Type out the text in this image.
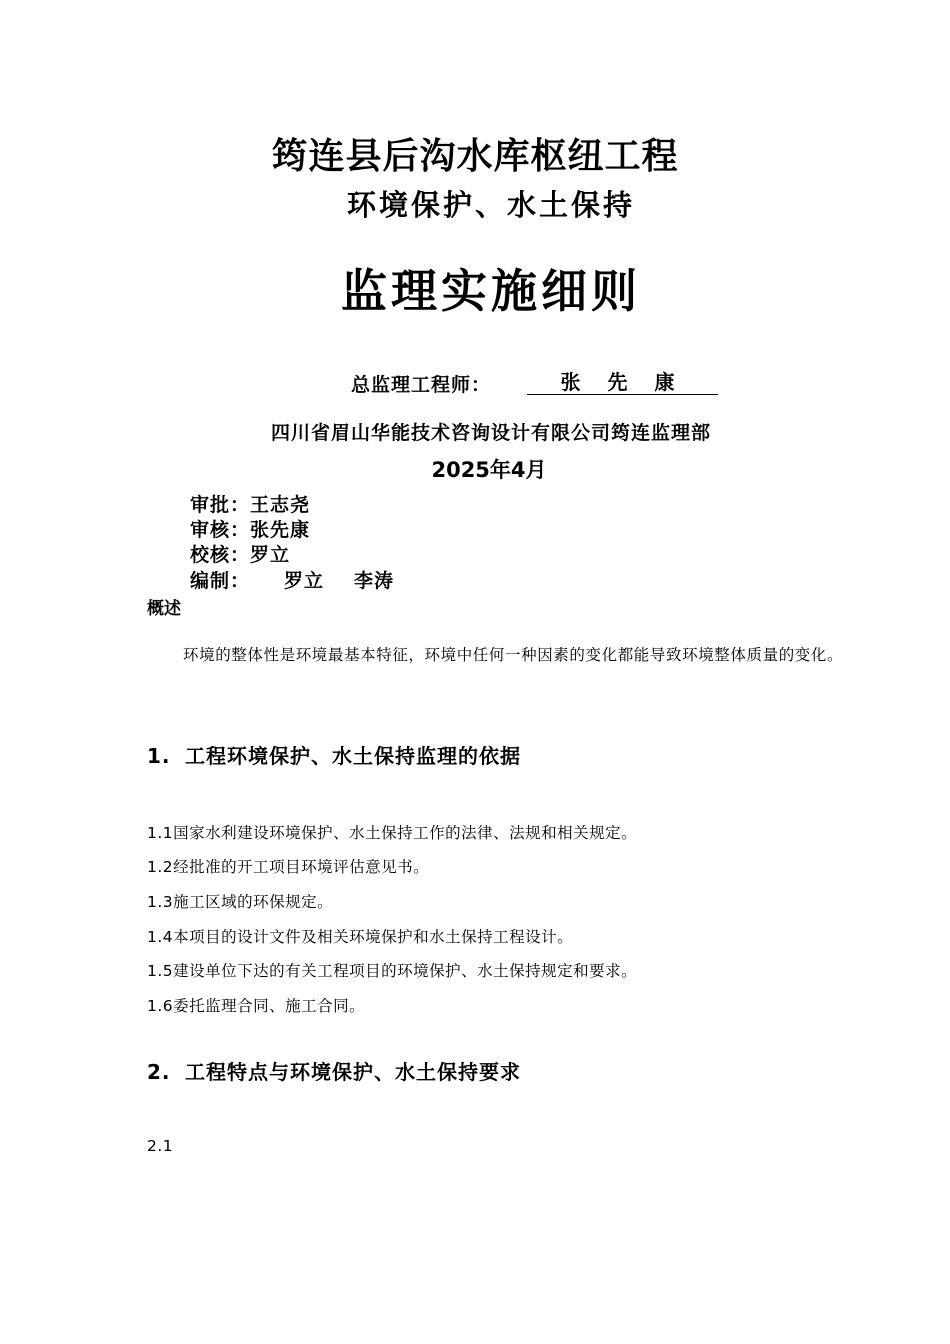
筠连县后沟水库枢纽工程
环境保护、水土保持
监理实施细则
总监理工程师：	张 先 康
四川省眉山华能技术咨询设计有限公司筠连监理部
2025年4月
审批：王志尧
审核：张先康
校核：罗立
编制： 罗立 李涛
概述
环境的整体性是环境最基本特征，环境中任何一种因素的变化都能导致环境整体质量的变化。
1. 工程环境保护、水土保持监理的依据
1.1国家水利建设环境保护、水土保持工作的法律、法规和相关规定。
1.2经批准的开工项目环境评估意见书。
1.3施工区域的环保规定。
1.4本项目的设计文件及相关环境保护和水土保持工程设计。
1.5建设单位下达的有关工程项目的环境保护、水土保持规定和要求。
1.6委托监理合同、施工合同。
2. 工程特点与环境保护、水土保持要求
2.1
